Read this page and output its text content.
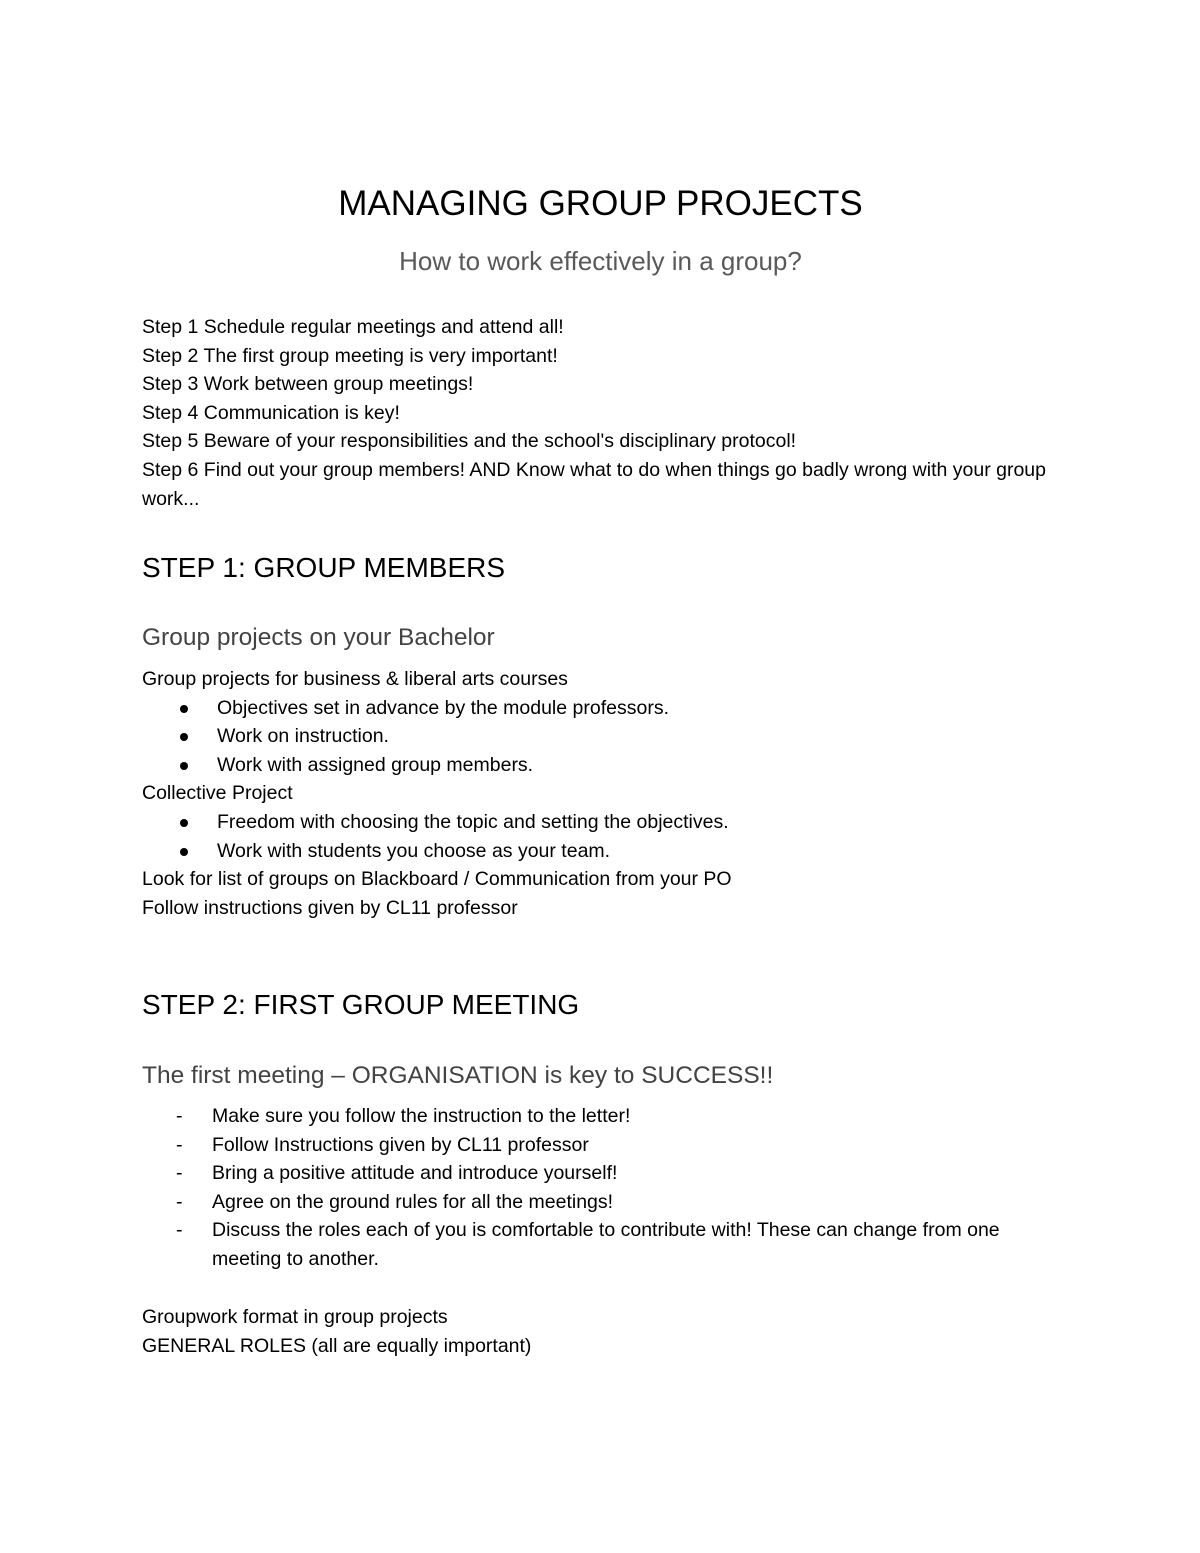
MANAGING GROUP PROJECTS
How to work effectively in a group?

Step 1 Schedule regular meetings and attend all!

Step 2 The first group meeting is very important!

Step 3 Work between group meetings!

Step 4 Communication is key!

Step 5 Beware of your responsibilities and the school's disciplinary protocol!

Step 6 Find out your group members! AND Know what to do when things go badly wrong with your group work...

STEP 1: GROUP MEMBERS
Group projects on your Bachelor

Group projects for business & liberal arts courses

Objectives set in advance by the module professors.
Work on instruction.
Work with assigned group members.

Collective Project

Freedom with choosing the topic and setting the objectives.
Work with students you choose as your team.

Look for list of groups on Blackboard / Communication from your PO

Follow instructions given by CL11 professor

STEP 2: FIRST GROUP MEETING
The first meeting – ORGANISATION is key to SUCCESS!!
- Make sure you follow the instruction to the letter!
- Follow Instructions given by CL11 professor
- Bring a positive attitude and introduce yourself!
- Agree on the ground rules for all the meetings!
- Discuss the roles each of you is comfortable to contribute with! These can change from one meeting to another.

Groupwork format in group projects

GENERAL ROLES (all are equally important)
